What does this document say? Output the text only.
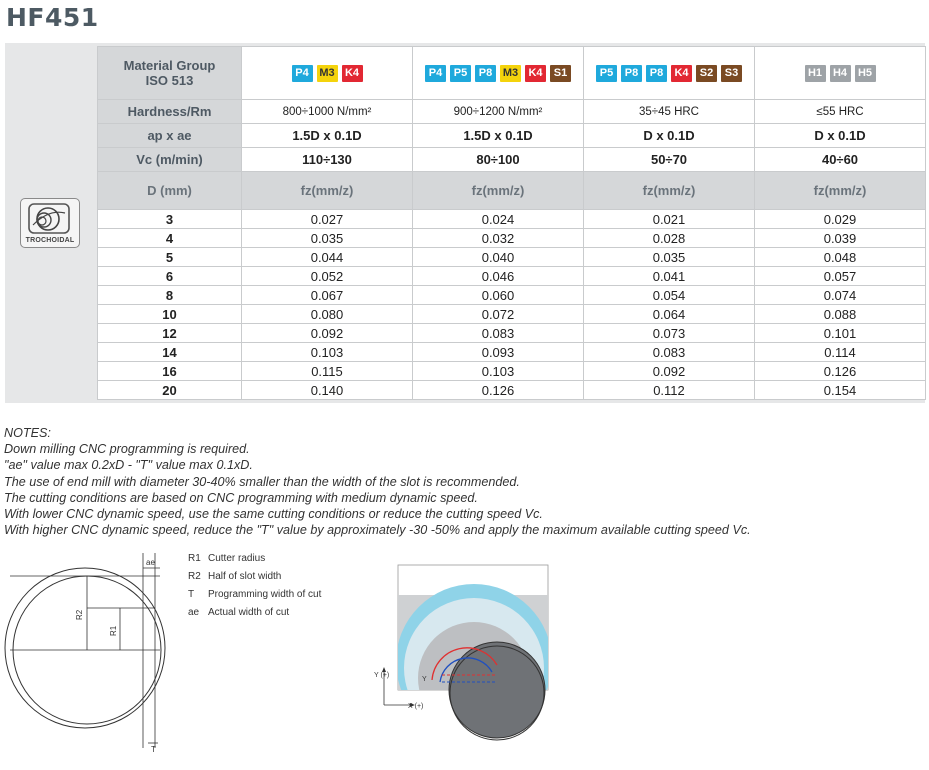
HF451
TROCHOIDAL
Material Group
ISO 513	P4 M3 K4	P4 P5 P8 M3 K4 S1	P5 P8 P8 K4 S2 S3	H1 H4 H5
Hardness/Rm	800÷1000 N/mm²	900÷1200 N/mm²	35÷45 HRC	≤55 HRC
ap x ae	1.5D x 0.1D	1.5D x 0.1D	D x 0.1D	D x 0.1D
Vc (m/min)	110÷130	80÷100	50÷70	40÷60
D (mm)	fz(mm/z)	fz(mm/z)	fz(mm/z)	fz(mm/z)
3	0.027	0.024	0.021	0.029
4	0.035	0.032	0.028	0.039
5	0.044	0.040	0.035	0.048
6	0.052	0.046	0.041	0.057
8	0.067	0.060	0.054	0.074
10	0.080	0.072	0.064	0.088
12	0.092	0.083	0.073	0.101
14	0.103	0.093	0.083	0.114
16	0.115	0.103	0.092	0.126
20	0.140	0.126	0.112	0.154
NOTES:
Down milling CNC programming is required.
"ae" value max 0.2xD - "T" value max 0.1xD.
The use of end mill with diameter 30-40% smaller than the width of the slot is recommended.
The cutting conditions are based on CNC programming with medium dynamic speed.
With lower CNC dynamic speed, use the same cutting conditions or reduce the cutting speed Vc.
With higher CNC dynamic speed, reduce the "T" value by approximately -30 -50% and apply the maximum available cutting speed Vc.
ae
R2
R1
T
R1 Cutter radius
R2 Half of slot width
T Programming width of cut
ae Actual width of cut
Y (+)
X (+)
Y
